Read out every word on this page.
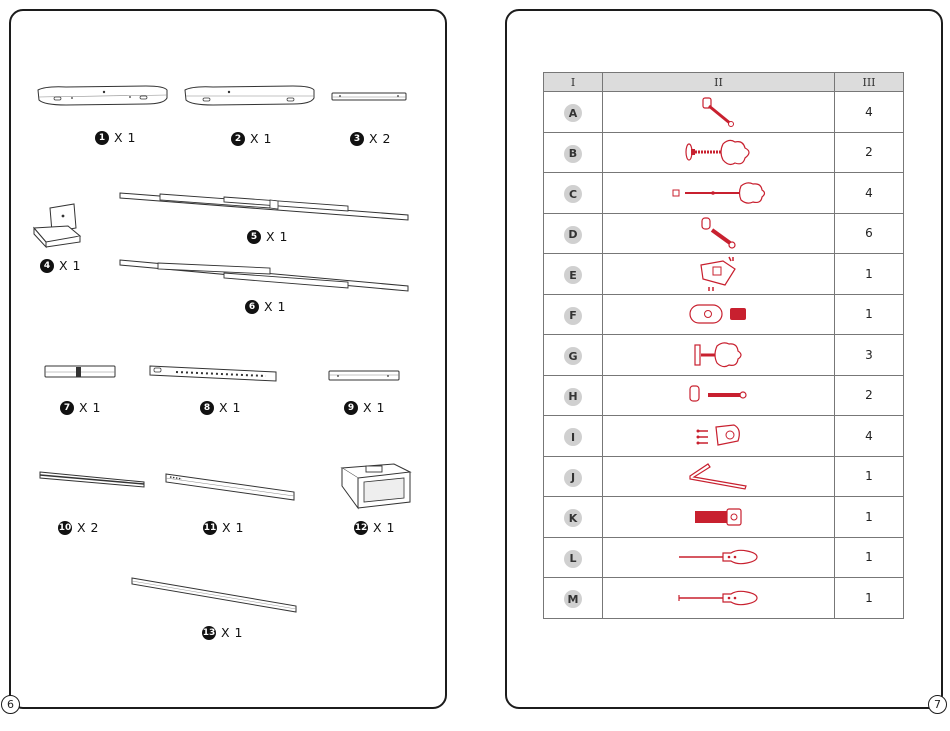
6
1 X 1	2 X 1	3 X 2
4 X 1
5 X 1
6 X 1
7 X 1	8 X 1	9 X 1
10 X 2	11 X 1	12 X 1
13 X 1
7
I	II	III
A		4
B		2
C		4
D		6
E		1
F		1
G		3
H		2
I		4
J		1
K		1
L		1
M		1
